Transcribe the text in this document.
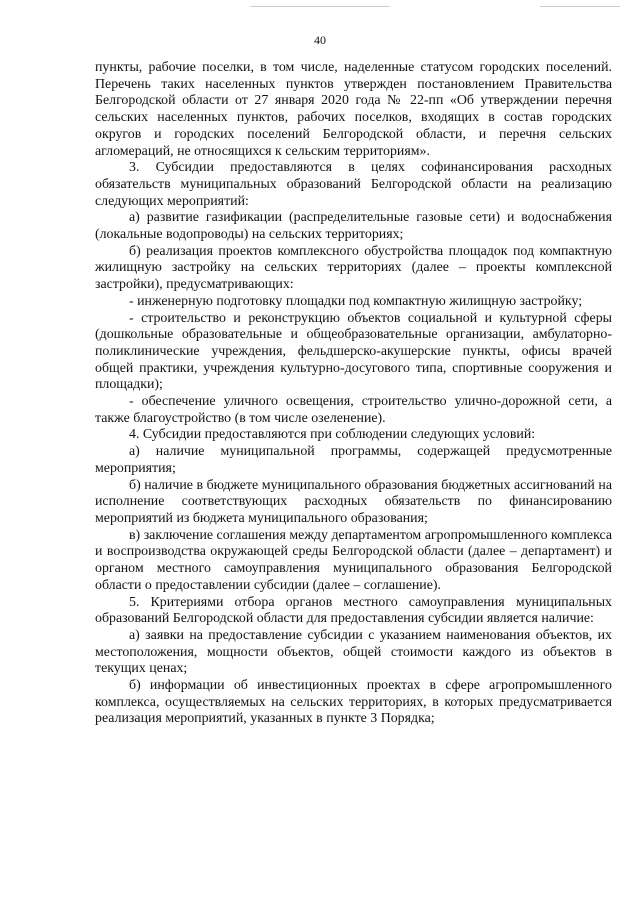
40

пункты, рабочие поселки, в том числе, наделенные статусом городских поселений. Перечень таких населенных пунктов утвержден постановлением Правительства Белгородской области от 27 января 2020 года № 22-пп «Об утверждении перечня сельских населенных пунктов, рабочих поселков, входящих в состав городских округов и городских поселений Белгородской области, и перечня сельских агломераций, не относящихся к сельским территориям».

3. Субсидии предоставляются в целях софинансирования расходных обязательств муниципальных образований Белгородской области на реализацию следующих мероприятий:

а) развитие газификации (распределительные газовые сети) и водоснабжения (локальные водопроводы) на сельских территориях;

б) реализация проектов комплексного обустройства площадок под компактную жилищную застройку на сельских территориях (далее – проекты комплексной застройки), предусматривающих:

- инженерную подготовку площадки под компактную жилищную застройку;

- строительство и реконструкцию объектов социальной и культурной сферы (дошкольные образовательные и общеобразовательные организации, амбулаторно-поликлинические учреждения, фельдшерско-акушерские пункты, офисы врачей общей практики, учреждения культурно-досугового типа, спортивные сооружения и площадки);

- обеспечение уличного освещения, строительство улично-дорожной сети, а также благоустройство (в том числе озеленение).

4. Субсидии предоставляются при соблюдении следующих условий:

а) наличие муниципальной программы, содержащей предусмотренные мероприятия;

б) наличие в бюджете муниципального образования бюджетных ассигнований на исполнение соответствующих расходных обязательств по финансированию мероприятий из бюджета муниципального образования;

в) заключение соглашения между департаментом агропромышленного комплекса и воспроизводства окружающей среды Белгородской области (далее – департамент) и органом местного самоуправления муниципального образования Белгородской области о предоставлении субсидии (далее – соглашение).

5. Критериями отбора органов местного самоуправления муниципальных образований Белгородской области для предоставления субсидии является наличие:

а) заявки на предоставление субсидии с указанием наименования объектов, их местоположения, мощности объектов, общей стоимости каждого из объектов в текущих ценах;

б) информации об инвестиционных проектах в сфере агропромышленного комплекса, осуществляемых на сельских территориях, в которых предусматривается реализация мероприятий, указанных в пункте 3 Порядка;
